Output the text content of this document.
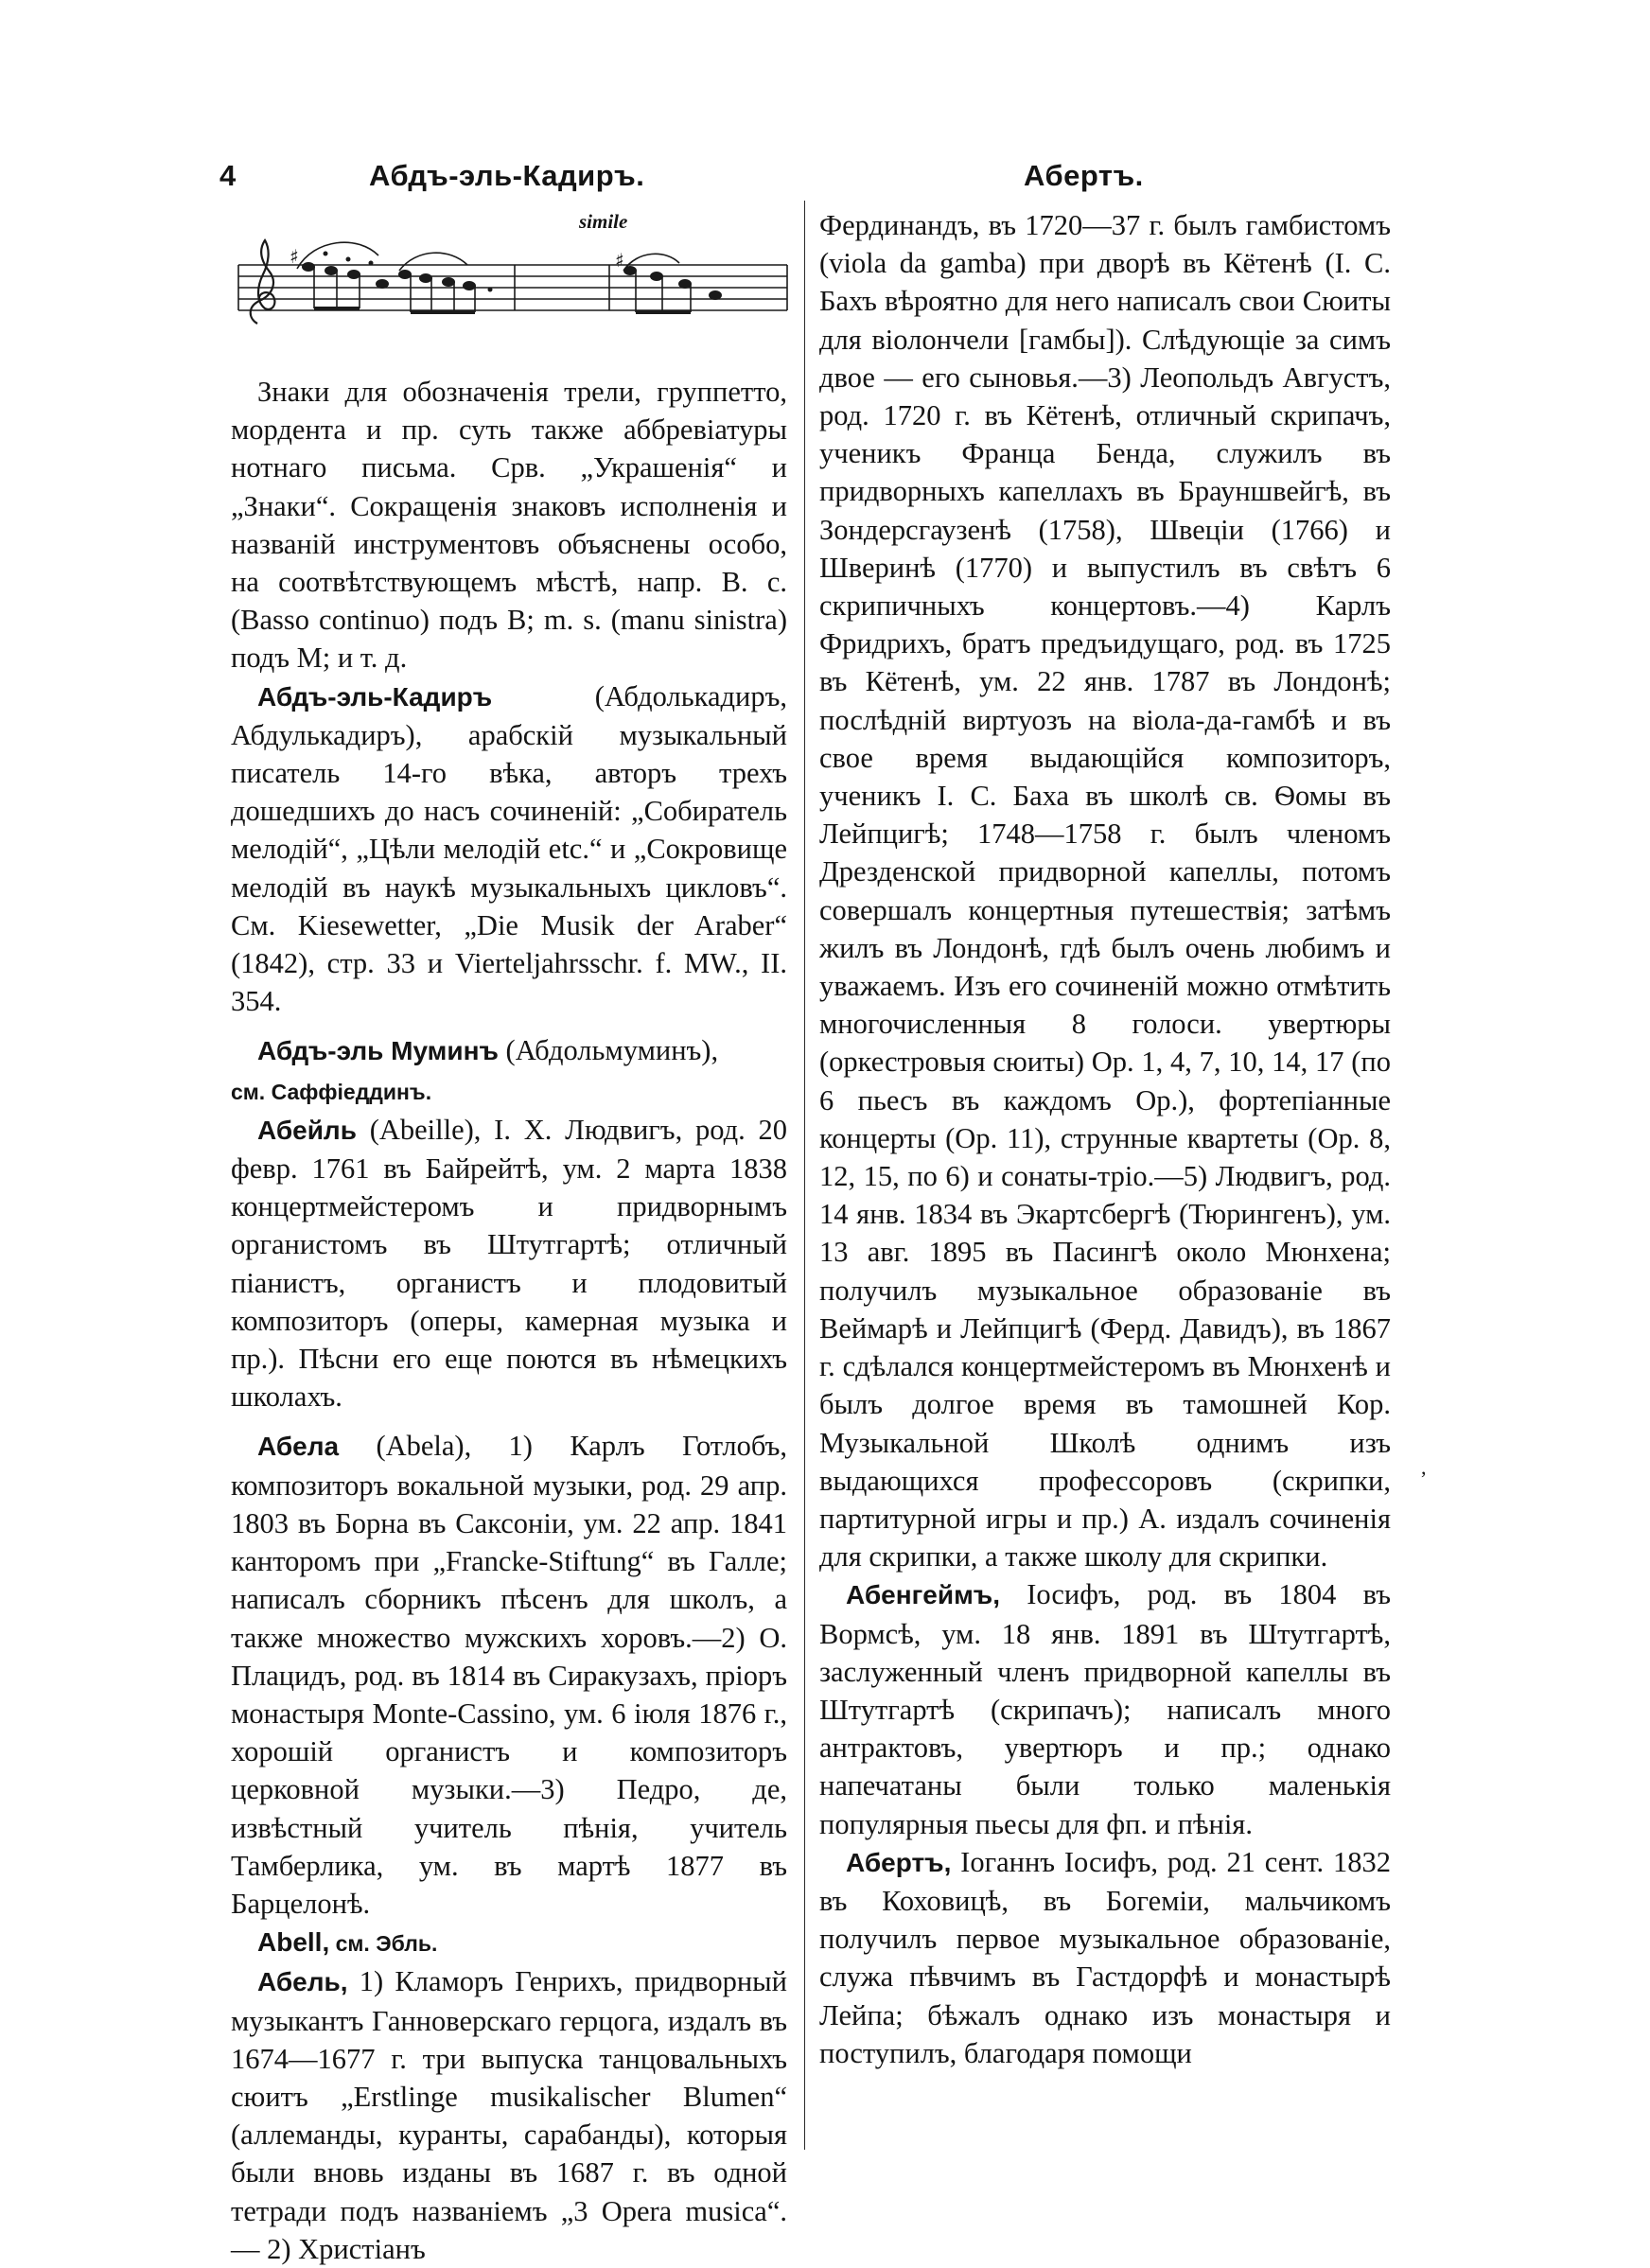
4	Абдъ-эль-Кадиръ.	Абертъ.
♯	♯
simile

Знаки для обозначенія трели, группетто, мордента и пр. суть также аббревіатуры нотнаго письма. Срв. „Украшенія“ и „Знаки“. Сокращенія знаковъ исполненія и названій инструментовъ объяснены особо, на соотвѣтствующемъ мѣстѣ, напр. В. с. (Basso continuo) подъ В; m. s. (manu sinistra) подъ М; и т. д.

Абдъ-эль-Кадиръ (Абдолькадиръ, Абдулькадиръ), арабскій музыкальный писатель 14-го вѣка, авторъ трехъ дошедшихъ до насъ сочиненій: „Собиратель мелодій“, „Цѣли мелодій etc.“ и „Сокровище мелодій въ наукѣ музыкальныхъ цикловъ“. См. Kiesewetter, „Die Musik der Araber“ (1842), стр. 33 и Vierteljahrsschr. f. MW., II. 354.

Абдъ-эль Муминъ (Абдольмуминъ),
см. Саффіеддинъ.

Абейль (Abeille), І. Х. Людвигъ, род. 20 февр. 1761 въ Байрейтѣ, ум. 2 марта 1838 концертмейстеромъ и придворнымъ органистомъ въ Штутгартѣ; отличный піанистъ, органистъ и плодовитый композиторъ (оперы, камерная музыка и пр.). Пѣсни его еще поются въ нѣмецкихъ школахъ.

Абела (Abela), 1) Карлъ Готлобъ, композиторъ вокальной музыки, род. 29 апр. 1803 въ Борна въ Саксоніи, ум. 22 апр. 1841 канторомъ при „Francke-Stiftung“ въ Галле; написалъ сборникъ пѣсенъ для школъ, а также множество мужскихъ хоровъ.—2) О. Плацидъ, род. въ 1814 въ Сиракузахъ, пріоръ монастыря Monte-Cassino, ум. 6 іюля 1876 г., хорошій органистъ и композиторъ церковной музыки.—3) Педро, де, извѣстный учитель пѣнія, учитель Тамберлика, ум. въ мартѣ 1877 въ Барцелонѣ.

Abell, см. Эбль.

Абель, 1) Кламоръ Генрихъ, придворный музыкантъ Ганноверскаго герцога, издалъ въ 1674—1677 г. три выпуска танцовальныхъ сюитъ „Erstlinge musikalischer Blumen“ (аллеманды, куранты, сарабанды), которыя были вновь изданы въ 1687 г. въ одной тетради подъ названіемъ „3 Opera musica“. — 2) Христіанъ

Фердинандъ, въ 1720—37 г. былъ гамбистомъ (viola da gamba) при дворѣ въ Кётенѣ (І. С. Бахъ вѣроятно для него написалъ свои Сюиты для віолончели [гамбы]). Слѣдующіе за симъ двое — его сыновья.—3) Леопольдъ Августъ, род. 1720 г. въ Кётенѣ, отличный скрипачъ, ученикъ Франца Бенда, служилъ въ придворныхъ капеллахъ въ Брауншвейгѣ, въ Зондерсгаузенѣ (1758), Швеціи (1766) и Шверинѣ (1770) и выпустилъ въ свѣтъ 6 скрипичныхъ концертовъ.—4) Карлъ Фридрихъ, братъ предъидущаго, род. въ 1725 въ Кётенѣ, ум. 22 янв. 1787 въ Лондонѣ; послѣдній виртуозъ на віола-да-гамбѣ и въ свое время выдающійся композиторъ, ученикъ І. С. Баха въ школѣ св. Ѳомы въ Лейпцигѣ; 1748—1758 г. былъ членомъ Дрезденской придворной капеллы, потомъ совершалъ концертныя путешествія; затѣмъ жилъ въ Лондонѣ, гдѣ былъ очень любимъ и уважаемъ. Изъ его сочиненій можно отмѣтить многочисленныя 8 голоси. увертюры (оркестровыя сюиты) Ор. 1, 4, 7, 10, 14, 17 (по 6 пьесъ въ каждомъ Ор.), фортепіанные концерты (Ор. 11), струнные квартеты (Ор. 8, 12, 15, по 6) и сонаты-тріо.—5) Людвигъ, род. 14 янв. 1834 въ Экартсбергѣ (Тюрингенъ), ум. 13 авг. 1895 въ Пасингѣ около Мюнхена; получилъ музыкальное образованіе въ Веймарѣ и Лейпцигѣ (Ферд. Давидъ), въ 1867 г. сдѣлался концертмейстеромъ въ Мюнхенѣ и былъ долгое время въ тамошней Кор. Музыкальной Школѣ однимъ изъ выдающихся профессоровъ (скрипки, партитурной игры и пр.) А. издалъ сочиненія для скрипки, а также школу для скрипки.

Абенгеймъ, Іосифъ, род. въ 1804 въ Вормсѣ, ум. 18 янв. 1891 въ Штутгартѣ, заслуженный членъ придворной капеллы въ Штутгартѣ (скрипачъ); написалъ много антрактовъ, увертюръ и пр.; однако напечатаны были только маленькія популярныя пьесы для фп. и пѣнія.

Абертъ, Іоганнъ Іосифъ, род. 21 сент. 1832 въ Коховицѣ, въ Богеміи, мальчикомъ получилъ первое музыкальное образованіе, служа пѣвчимъ въ Гастдорфѣ и монастырѣ Лейпа; бѣжалъ однако изъ монастыря и поступилъ, благодаря помощи

,
